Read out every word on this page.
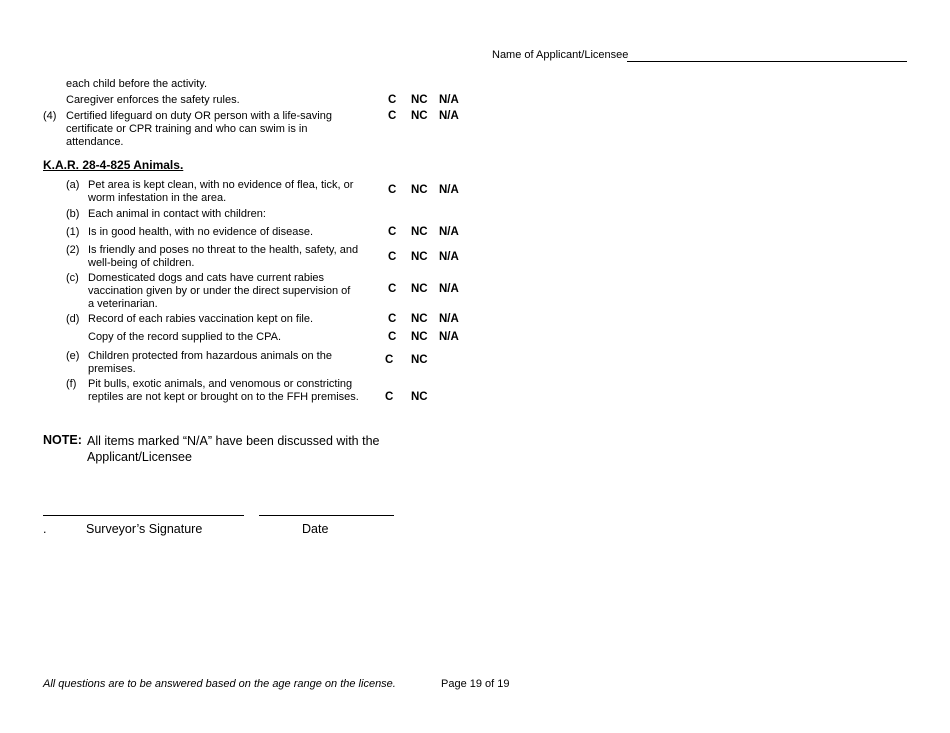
Name of Applicant/Licensee
each child before the activity.
Caregiver enforces the safety rules.	C NC N/A
(4) Certified lifeguard on duty OR person with a life-saving certificate or CPR training and who can swim is in attendance.
C NC N/A
K.A.R. 28-4-825 Animals.
(a) Pet area is kept clean, with no evidence of flea, tick, or worm infestation in the area.
C NC N/A
(b) Each animal in contact with children:
(1) Is in good health, with no evidence of disease.	C NC N/A
(2) Is friendly and poses no threat to the health, safety, and well-being of children.	C NC N/A
(c) Domesticated dogs and cats have current rabies vaccination given by or under the direct supervision of a veterinarian.
C NC N/A
(d) Record of each rabies vaccination kept on file.	C NC N/A
Copy of the record supplied to the CPA.	C NC N/A
(e) Children protected from hazardous animals on the premises.
C NC
(f) Pit bulls, exotic animals, and venomous or constricting reptiles are not kept or brought on to the FFH premises.	C NC
NOTE: All items marked “N/A” have been discussed with the Applicant/Licensee
.	Surveyor’s Signature	Date
All questions are to be answered based on the age range on the license.	Page 19 of 19
